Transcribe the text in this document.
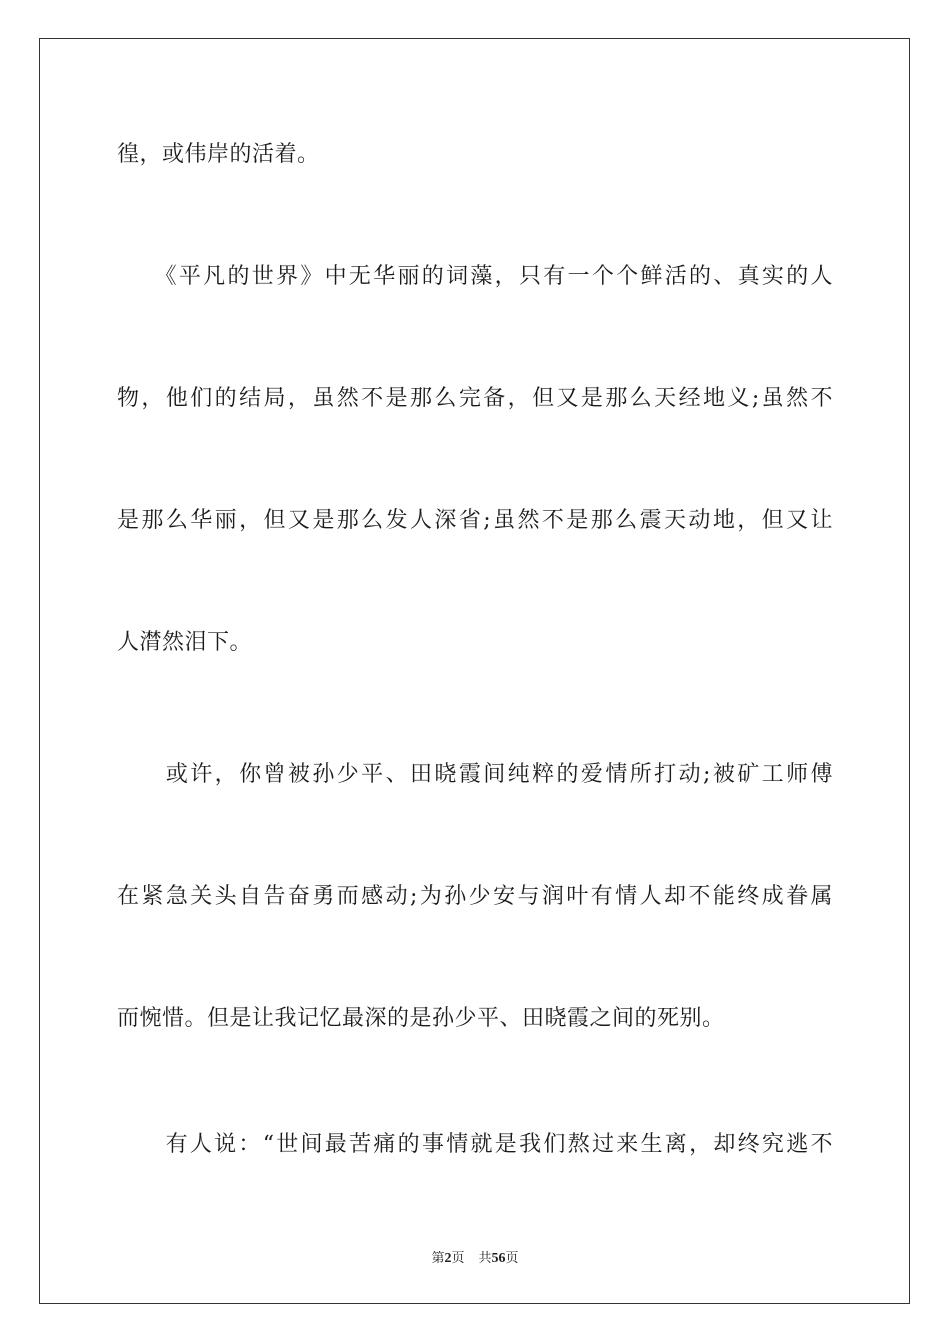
徨，或伟岸的活着。
　　《平凡的世界》中无华丽的词藻，只有一个个鲜活的、真实的人
物，他们的结局，虽然不是那么完备，但又是那么天经地义;虽然不
是那么华丽，但又是那么发人深省;虽然不是那么震天动地，但又让
人潸然泪下。
　　或许，你曾被孙少平、田晓霞间纯粹的爱情所打动;被矿工师傅
在紧急关头自告奋勇而感动;为孙少安与润叶有情人却不能终成眷属
而惋惜。但是让我记忆最深的是孙少平、田晓霞之间的死别。
　　有人说：“世间最苦痛的事情就是我们熬过来生离，却终究逃不
第2页 共56页
